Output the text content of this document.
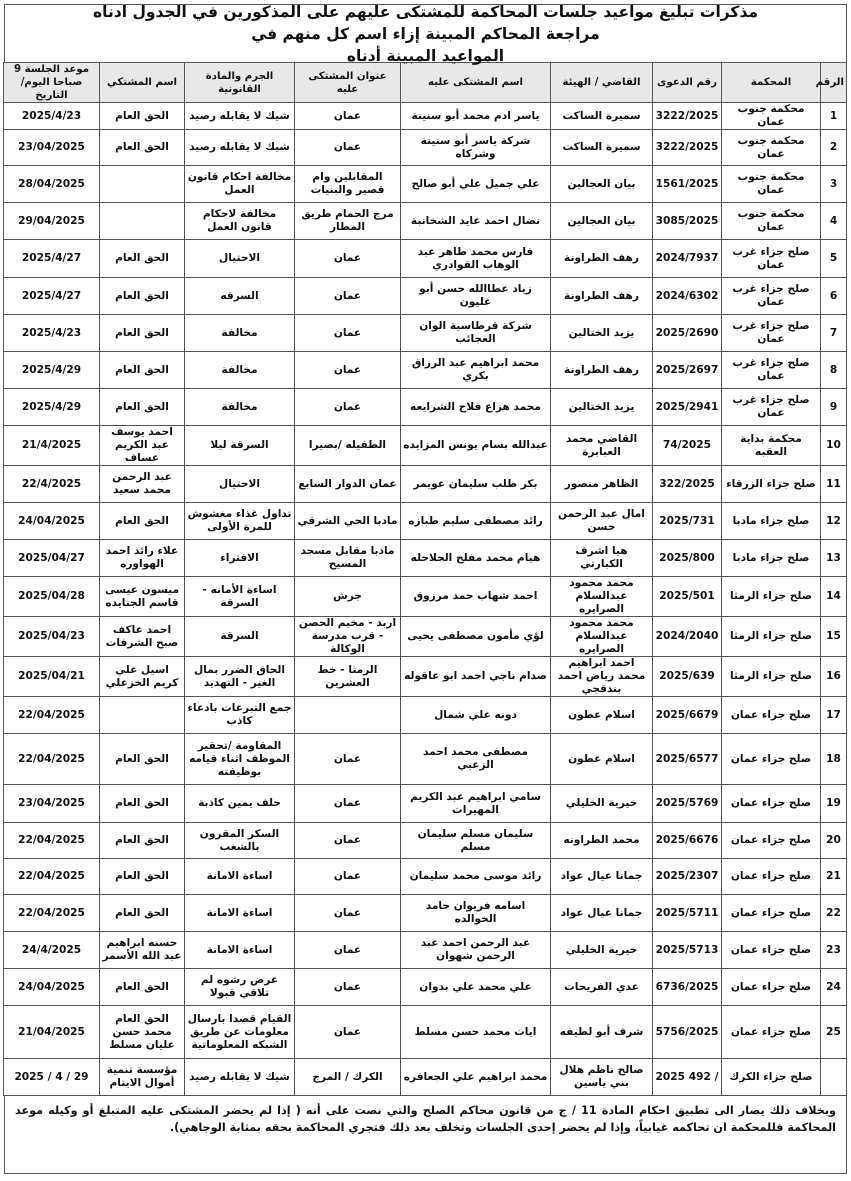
مذكرات تبليغ مواعيد جلسات المحاكمة للمشتكى عليهم على المذكورين في الجدول ادناه مراجعة المحاكم المبينة إزاء اسم كل منهم في
المواعيد المبينة أدناه
الرقم	المحكمة	رقم الدعوى	القاضي / الهيئة	اسم المشتكى عليه	عنوان المشتكى عليه	الجرم والمادة القانونية	اسم المشتكي	موعد الجلسة 9 صباحا اليوم/التاريخ
1	محكمة جنوب عمان	3222/2025	سميرة الساكت	ياسر ادم محمد أبو سنينة	عمان	شيك لا يقابله رصيد	الحق العام	2025/4/23
2	محكمة جنوب عمان	3222/2025	سميرة الساكت	شركة ياسر أبو سنينة وشركاه	عمان	شيك لا يقابله رصيد	الحق العام	23/04/2025
3	محكمة جنوب عمان	1561/2025	بيان العجالين	علي جميل علي أبو صالح	المقابلين وام قصير والبنيات	مخالفة احكام قانون العمل		28/04/2025
4	محكمة جنوب عمان	3085/2025	بيان العجالين	نضال احمد عايد الشخانبة	مرج الحمام طريق المطار	مخالفة لاحكام قانون العمل		29/04/2025
5	صلح جزاء غرب عمان	2024/7937	رهف الطراونة	فارس محمد طاهر عبد الوهاب القوادري	عمان	الاحتيال	الحق العام	2025/4/27
6	صلح جزاء غرب عمان	2024/6302	رهف الطراونة	زياد عطاالله حسن أبو غليون	عمان	السرقه	الحق العام	2025/4/27
7	صلح جزاء غرب عمان	2025/2690	يزيد الختالين	شركة قرطاسية الوان العجائب	عمان	مخالفة	الحق العام	2025/4/23
8	صلح جزاء غرب عمان	2025/2697	رهف الطراونة	محمد ابراهيم عبد الرزاق بكري	عمان	مخالفة	الحق العام	2025/4/29
9	صلح جزاء غرب عمان	2025/2941	يزيد الختالين	محمد هزاع فلاح الشرايعه	عمان	مخالفة	الحق العام	2025/4/29
10	محكمة بداية العقبه	74/2025	القاضي محمد العبابرة	عبدالله بسام يونس المزايده	الطفيله /بصيرا	السرقة ليلا	احمد يوسف عبد الكريم عساف	21/4/2025
11	صلح جزاء الزرقاء	322/2025	الظاهر منصور	بكر طلب سليمان عويمر	عمان الدوار السابع	الاحتيال	عبد الرحمن محمد سعيد	22/4/2025
12	صلح جزاء مادبا	2025/731	امال عبد الرحمن حسن	رائد مصطفى سليم طبازه	مادبا الحي الشرقي	تداول غذاء مغشوش للمرة الأولى	الحق العام	24/04/2025
13	صلح جزاء مادبا	2025/800	هيا اشرف الكبارتي	هيام محمد مفلح الحلاحله	مادبا مقابل مسجد المسيح	الافتراء	علاء رائد احمد الهواوره	2025/04/27
14	صلح جزاء الرمثا	2025/501	محمد محمود عبدالسلام الصرايره	احمد شهاب حمد مرزوق	جرش	اساءة الأمانه - السرقة	ميسون عيسى قاسم الجنايده	2025/04/28
15	صلح جزاء الرمثا	2024/2040	محمد محمود عبدالسلام الصرايره	لؤي مأمون مصطفى يحيى	اربد - مخيم الحصن - قرب مدرسة الوكالة	السرقة	احمد عاكف صبح الشرفات	2025/04/23
16	صلح جزاء الرمثا	2025/639	احمد ابراهيم محمد رياض احمد بندقجي	صدام ناجي احمد ابو عاقوله	الرمثا - خط العشرين	الحاق الضرر بمال الغير - التهديد	اسيل علي كريم الخزعلي	2025/04/21
17	صلح جزاء عمان	2025/6679	اسلام عطون	دونه علي شمال		جمع التبرعات بادعاء كاذب		22/04/2025
18	صلح جزاء عمان	2025/6577	اسلام عطون	مصطفى محمد احمد الزعبي	عمان	المقاومة /تحقير الموظف اثناء قيامه بوظيفته	الحق العام	22/04/2025
19	صلح جزاء عمان	2025/5769	خيرية الخليلي	سامي ابراهيم عبد الكريم المهيرات	عمان	حلف يمين كاذبة	الحق العام	23/04/2025
20	صلح جزاء عمان	2025/6676	محمد الطراونه	سليمان مسلم سليمان مسلم	عمان	السكر المقرون بالشغب	الحق العام	22/04/2025
21	صلح جزاء عمان	2025/2307	جمانا عيال عواد	رائد موسى محمد سليمان	عمان	اساءة الامانة	الحق العام	22/04/2025
22	صلح جزاء عمان	2025/5711	جمانا عيال عواد	اسامه فريوان حامد الخوالده	عمان	اساءة الامانة	الحق العام	22/04/2025
23	صلح جزاء عمان	2025/5713	خيرية الخليلي	عبد الرحمن احمد عبد الرحمن شهوان	عمان	اساءة الامانة	حسنه ابراهيم عبد الله الأسمر	24/4/2025
24	صلح جزاء عمان	6736/2025	عدي الفريحات	علي محمد علي بدوان	عمان	عرض رشوه لم تلاقي قبولا	الحق العام	24/04/2025
25	صلح جزاء عمان	5756/2025	شرف أبو لطيفه	ايات محمد حسن مسلط	عمان	القيام قصدا بارسال معلومات عن طريق الشبكه المعلوماتية	الحق العام محمد حسن عليان مسلط	21/04/2025
	صلح جزاء الكرك	/ 492 2025	صالح ناظم هلال بني ياسين	محمد ابراهيم علي الجعافره	الكرك / المرج	شيك لا يقابله رصيد	مؤسسة تنمية أموال الايتام	29 / 4 / 2025
وبخلاف ذلك يصار الى تطبيق احكام المادة 11 / ج من قانون محاكم الصلح والتي نصت على أنه ( إذا لم يحضر المشتكى عليه المتبلغ أو وكيله موعد المحاكمة فللمحكمة ان تحاكمه غيابياً، وإذا لم يحضر إحدى الجلسات وتخلف بعد ذلك فتجري المحاكمة بحقه بمثابة الوجاهي).
